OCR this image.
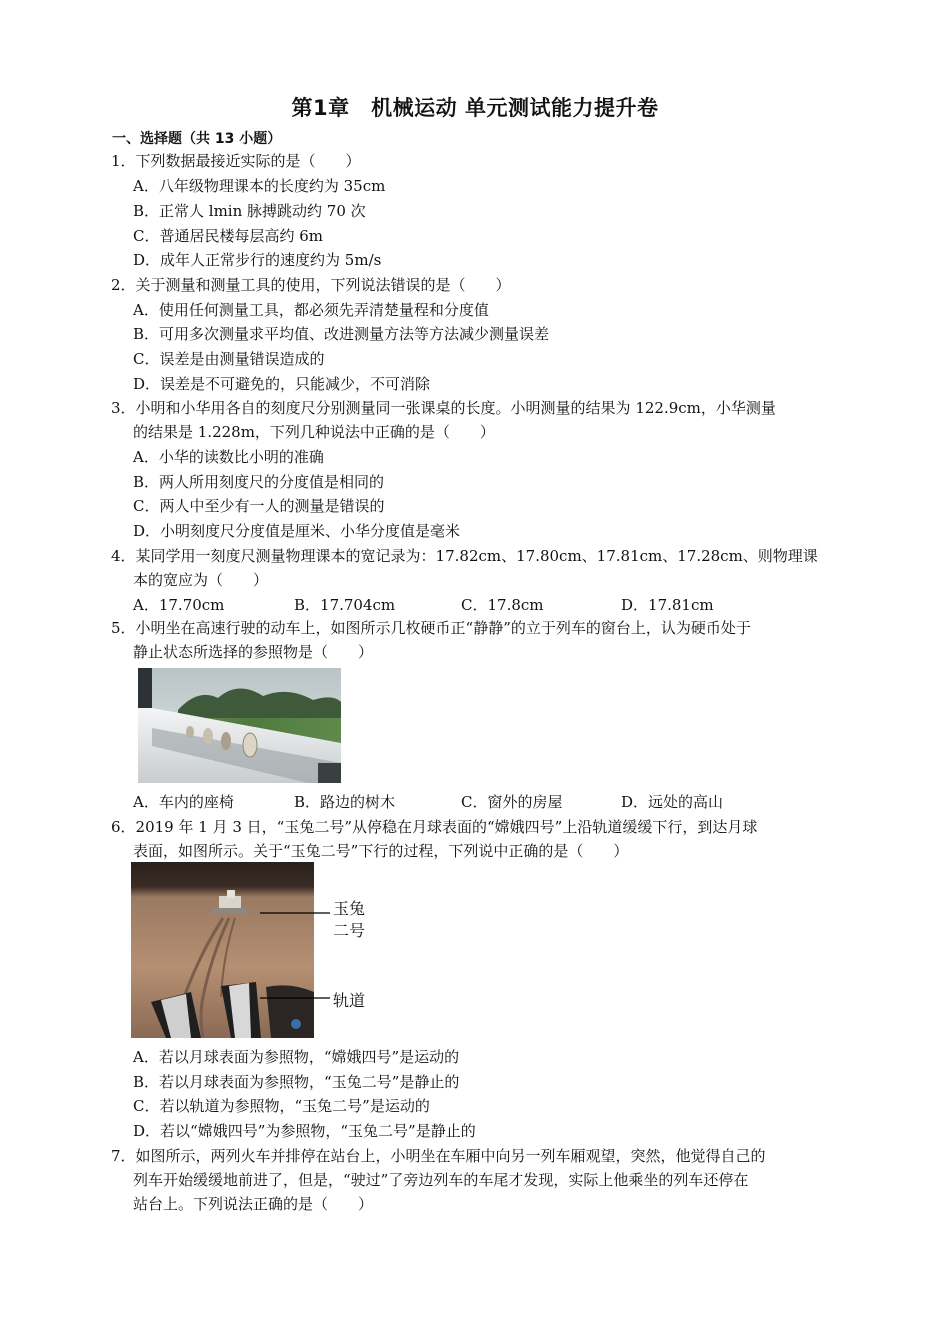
第1章　机械运动 单元测试能力提升卷
一、选择题（共 13 小题）
1．下列数据最接近实际的是（　　）
A．八年级物理课本的长度约为 35cm
B．正常人 lmin 脉搏跳动约 70 次
C．普通居民楼每层高约 6m
D．成年人正常步行的速度约为 5m/s
2．关于测量和测量工具的使用，下列说法错误的是（　　）
A．使用任何测量工具，都必须先弄清楚量程和分度值
B．可用多次测量求平均值、改进测量方法等方法减少测量误差
C．误差是由测量错误造成的
D．误差是不可避免的，只能减少，不可消除
3．小明和小华用各自的刻度尺分别测量同一张课桌的长度。小明测量的结果为 122.9cm，小华测量
的结果是 1.228m，下列几种说法中正确的是（　　）
A．小华的读数比小明的准确
B．两人所用刻度尺的分度值是相同的
C．两人中至少有一人的测量是错误的
D．小明刻度尺分度值是厘米、小华分度值是毫米
4．某同学用一刻度尺测量物理课本的宽记录为：17.82cm、17.80cm、17.81cm、17.28cm、则物理课
本的宽应为（　　）
A．17.70cm	B．17.704cm	C．17.8cm	D．17.81cm
5．小明坐在高速行驶的动车上，如图所示几枚硬币正“静静”的立于列车的窗台上，认为硬币处于
静止状态所选择的参照物是（　　）
A．车内的座椅	B．路边的树木	C．窗外的房屋	D．远处的高山
6．2019 年 1 月 3 日，“玉兔二号”从停稳在月球表面的“嫦娥四号”上沿轨道缓缓下行，到达月球
表面，如图所示。关于“玉兔二号”下行的过程，下列说中正确的是（　　）
玉兔
二号
轨道
A．若以月球表面为参照物，“嫦娥四号”是运动的
B．若以月球表面为参照物，“玉兔二号”是静止的
C．若以轨道为参照物，“玉兔二号”是运动的
D．若以“嫦娥四号”为参照物，“玉兔二号”是静止的
7．如图所示，两列火车并排停在站台上，小明坐在车厢中向另一列车厢观望，突然，他觉得自己的
列车开始缓缓地前进了，但是，“驶过”了旁边列车的车尾才发现，实际上他乘坐的列车还停在
站台上。下列说法正确的是（　　）
